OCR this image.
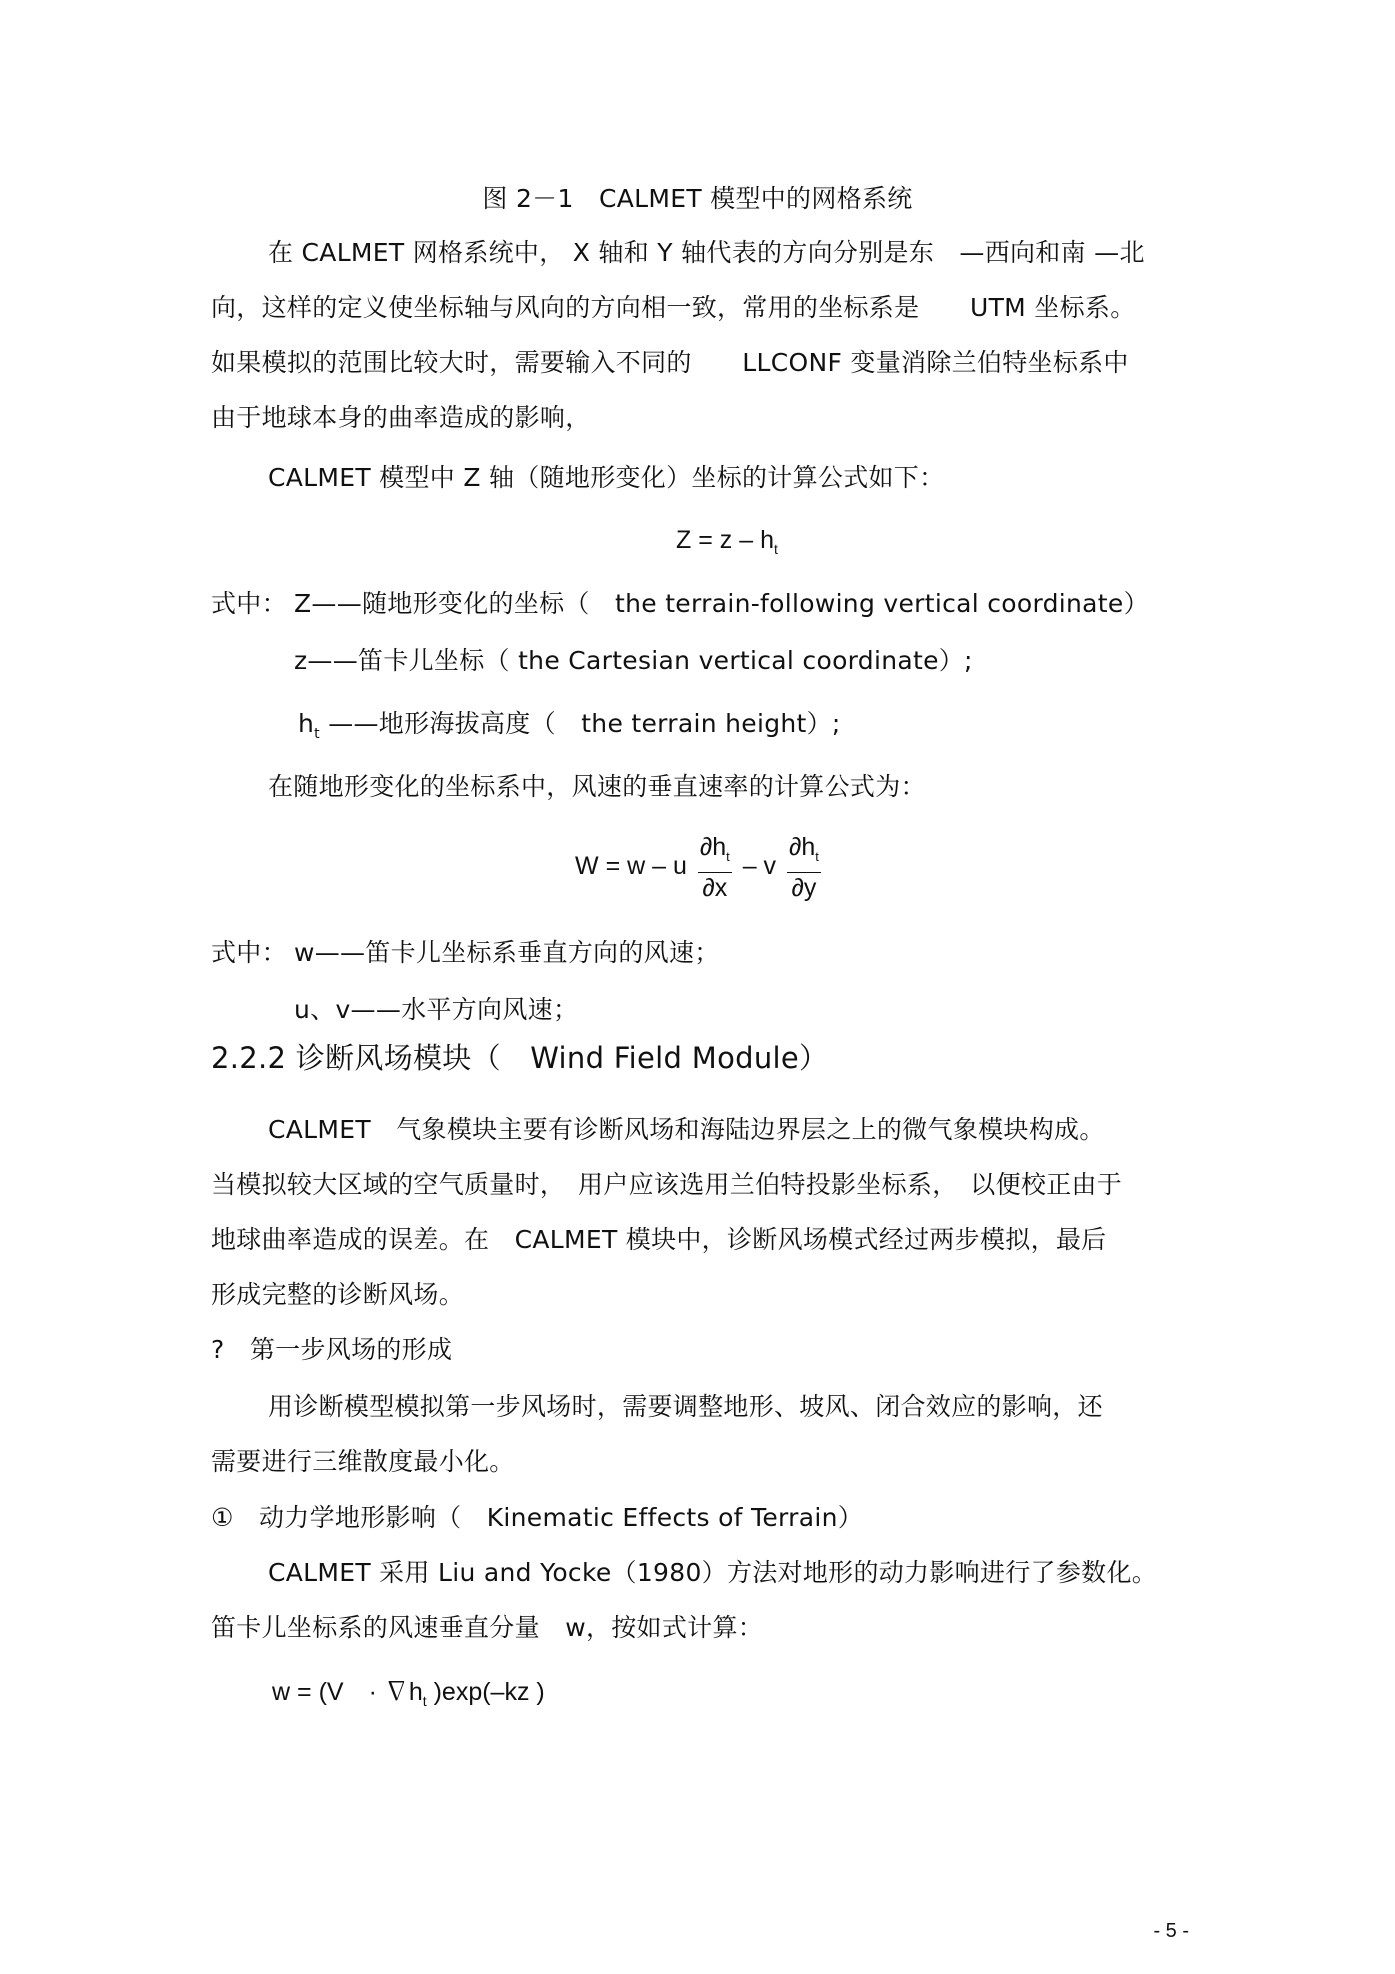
图 2－1　CALMET 模型中的网格系统
在 CALMET 网格系统中， X 轴和 Y 轴代表的方向分别是东　—西向和南 —北
向，这样的定义使坐标轴与风向的方向相一致，常用的坐标系是　　UTM 坐标系。
如果模拟的范围比较大时，需要输入不同的　　LLCONF 变量消除兰伯特坐标系中
由于地球本身的曲率造成的影响，
CALMET 模型中 Z 轴（随地形变化）坐标的计算公式如下：
$Z = z - h_t$
式中： Z——随地形变化的坐标（　the terrain-following vertical coordinate）
z——笛卡儿坐标（ the Cartesian vertical coordinate）;
$h_t$ ——地形海拔高度（　the terrain height）;
在随地形变化的坐标系中，风速的垂直速率的计算公式为：
W = w – u $\frac{\partial h_t}{\partial x}$ – v $\frac{\partial h_t}{\partial y}$
式中： w——笛卡儿坐标系垂直方向的风速；
u、v——水平方向风速；
2.2.2 诊断风场模块（　Wind Field Module）
CALMET　气象模块主要有诊断风场和海陆边界层之上的微气象模块构成。
当模拟较大区域的空气质量时，　用户应该选用兰伯特投影坐标系，　以便校正由于
地球曲率造成的误差。在　CALMET 模块中，诊断风场模式经过两步模拟，最后
形成完整的诊断风场。
?　第一步风场的形成
用诊断模型模拟第一步风场时，需要调整地形、坡风、闭合效应的影响，还
需要进行三维散度最小化。
①　动力学地形影响（　Kinematic Effects of Terrain）
CALMET 采用 Liu and Yocke（1980）方法对地形的动力影响进行了参数化。
笛卡儿坐标系的风速垂直分量　w，按如式计算：
w = (V　· $\nabla h_t$ )exp(–kz )
- 5 -
